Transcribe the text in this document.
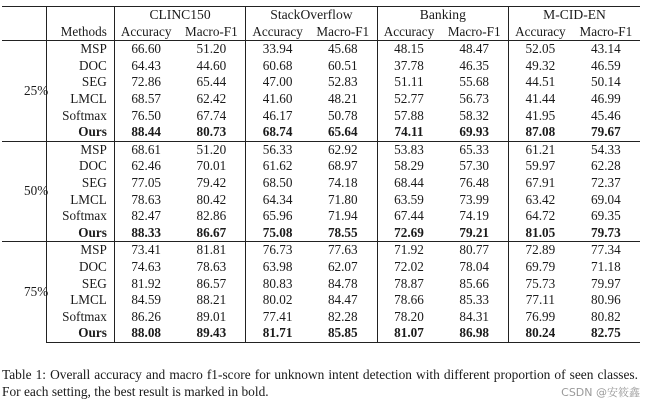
		CLINC150		StackOverflow		Banking		M-CID-EN	
	Methods	Accuracy	Macro-F1	Accuracy	Macro-F1	Accuracy	Macro-F1	Accuracy	Macro-F1
25%	MSP	66.60	51.20	33.94	45.68	48.15	48.47	52.05	43.14
	DOC	64.43	44.60	60.68	60.51	37.78	46.35	49.32	46.59
	SEG	72.86	65.44	47.00	52.83	51.11	55.68	44.51	50.14
	LMCL	68.57	62.42	41.60	48.21	52.77	56.73	41.44	46.99
	Softmax	76.50	67.74	46.17	50.78	57.88	58.32	41.95	45.46
	Ours	88.44	80.73	68.74	65.64	74.11	69.93	87.08	79.67
50%	MSP	68.61	51.20	56.33	62.92	53.83	65.33	61.21	54.33
	DOC	62.46	70.01	61.62	68.97	58.29	57.30	59.97	62.28
	SEG	77.05	79.42	68.50	74.18	68.44	76.48	67.91	72.37
	LMCL	78.63	80.42	64.34	71.80	63.59	73.99	63.42	69.04
	Softmax	82.47	82.86	65.96	71.94	67.44	74.19	64.72	69.35
	Ours	88.33	86.67	75.08	78.55	72.69	79.21	81.05	79.73
75%	MSP	73.41	81.81	76.73	77.63	71.92	80.77	72.89	77.34
	DOC	74.63	78.63	63.98	62.07	72.02	78.04	69.79	71.18
	SEG	81.92	86.57	80.83	84.78	78.87	85.66	75.73	79.97
	LMCL	84.59	88.21	80.02	84.47	78.66	85.33	77.11	80.96
	Softmax	86.26	89.01	77.41	82.28	78.20	84.31	76.99	80.82
	Ours	88.08	89.43	81.71	85.85	81.07	86.98	80.24	82.75
Table 1: Overall accuracy and macro f1-score for unknown intent detection with different proportion of seen classes. For each setting, the best result is marked in bold.	CSDN @安筱鑫
